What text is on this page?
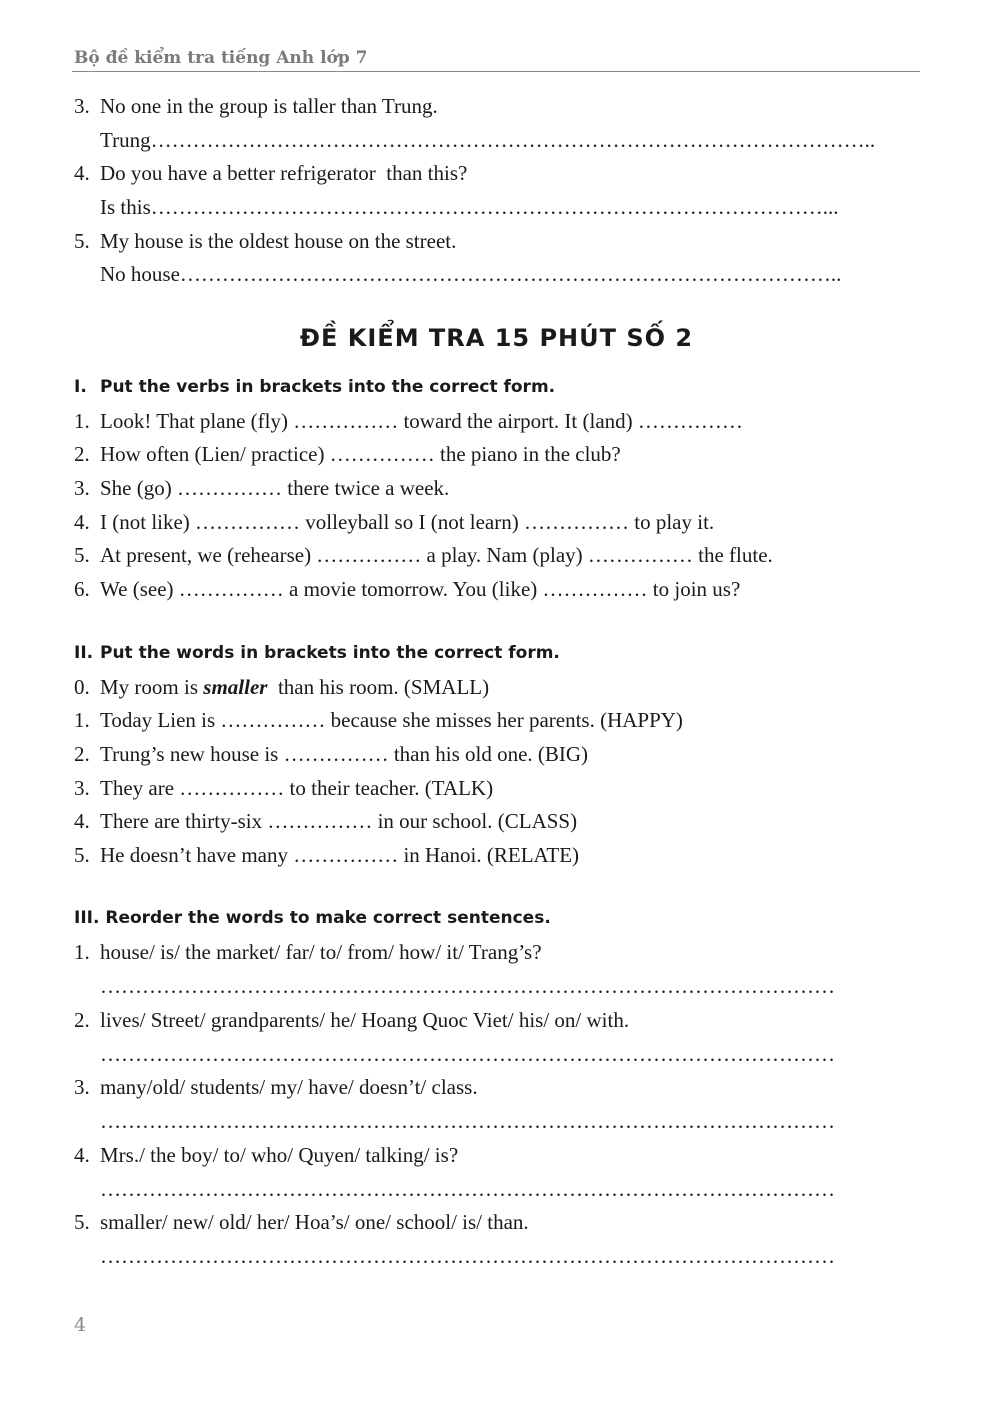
Bộ đề kiểm tra tiếng Anh lớp 7
3. No one in the group is taller than Trung.
Trung…………………………………………………………………………………………..
4. Do you have a better refrigerator  than this?
Is this……………………………………………………………………………………...
5. My house is the oldest house on the street.
No house…………………………………………………………………………………..
ĐỀ KIỂM TRA 15 PHÚT SỐ 2
I. Put the verbs in brackets into the correct form.
1. Look! That plane (fly) …………… toward the airport. It (land) ……………
2. How often (Lien/ practice) …………… the piano in the club?
3. She (go) …………… there twice a week.
4. I (not like) …………… volleyball so I (not learn) …………… to play it.
5. At present, we (rehearse) …………… a play. Nam (play) …………… the flute.
6. We (see) …………… a movie tomorrow. You (like) …………… to join us?
II. Put the words in brackets into the correct form.
0. My room is smaller  than his room. (SMALL)
1. Today Lien is …………… because she misses her parents. (HAPPY)
2. Trung’s new house is …………… than his old one. (BIG)
3. They are …………… to their teacher. (TALK)
4. There are thirty-six …………… in our school. (CLASS)
5. He doesn’t have many …………… in Hanoi. (RELATE)
III. Reorder the words to make correct sentences.
1. house/ is/ the market/ far/ to/ from/ how/ it/ Trang’s?
……………………………………………………………………………………………
2. lives/ Street/ grandparents/ he/ Hoang Quoc Viet/ his/ on/ with.
……………………………………………………………………………………………
3. many/old/ students/ my/ have/ doesn’t/ class.
……………………………………………………………………………………………
4. Mrs./ the boy/ to/ who/ Quyen/ talking/ is?
……………………………………………………………………………………………
5. smaller/ new/ old/ her/ Hoa’s/ one/ school/ is/ than.
……………………………………………………………………………………………
4
